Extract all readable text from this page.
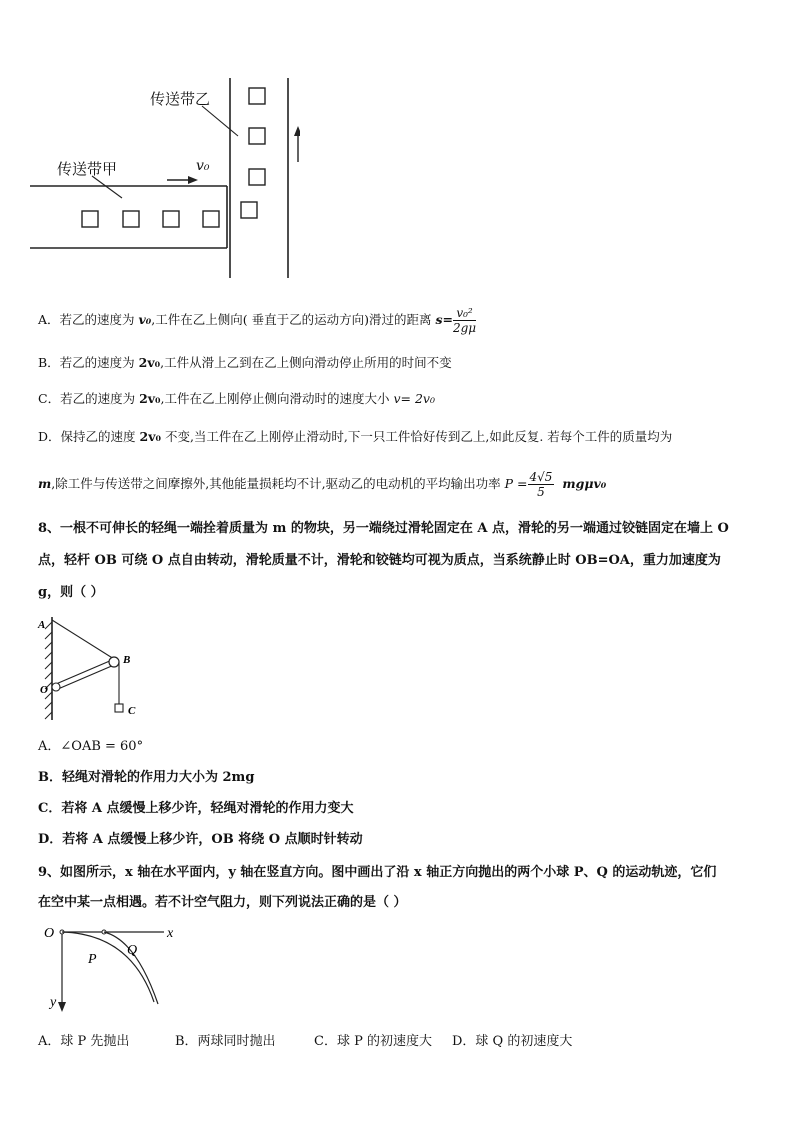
传送带乙
传送带甲	v₀
A．若乙的速度为 v₀,工件在乙上侧向( 垂直于乙的运动方向)滑过的距离 $s= \frac{\text{v₀²}}{2g\mu}$
B．若乙的速度为 2v₀,工件从滑上乙到在乙上侧向滑动停止所用的时间不变
C．若乙的速度为 2v₀,工件在乙上刚停止侧向滑动时的速度大小 v= 2v₀
D．保持乙的速度 2v₀ 不变,当工件在乙上刚停止滑动时,下一只工件恰好传到乙上,如此反复. 若每个工件的质量均为
m,除工件与传送带之间摩擦外,其他能量损耗均不计,驱动乙的电动机的平均输出功率 $P = \frac{4√5}{5} mg\mu v_0$
8、一根不可伸长的轻绳一端拴着质量为 m 的物块，另一端绕过滑轮固定在 A 点，滑轮的另一端通过铰链固定在墙上 O
点，轻杆 OB 可绕 O 点自由转动，滑轮质量不计，滑轮和铰链均可视为质点，当系统静止时 OB=OA，重力加速度为
g，则（ ）
A
B
O
C
A．∠OAB = 60°
B．轻绳对滑轮的作用力大小为 2mg
C．若将 A 点缓慢上移少许，轻绳对滑轮的作用力变大
D．若将 A 点缓慢上移少许，OB 将绕 O 点顺时针转动
9、如图所示，x 轴在水平面内，y 轴在竖直方向。图中画出了沿 x 轴正方向抛出的两个小球 P、Q 的运动轨迹，它们
在空中某一点相遇。若不计空气阻力，则下列说法正确的是（ ）
O	x
y
P
Q
A．球 P 先抛出	B．两球同时抛出	C．球 P 的初速度大 D．球 Q 的初速度大
